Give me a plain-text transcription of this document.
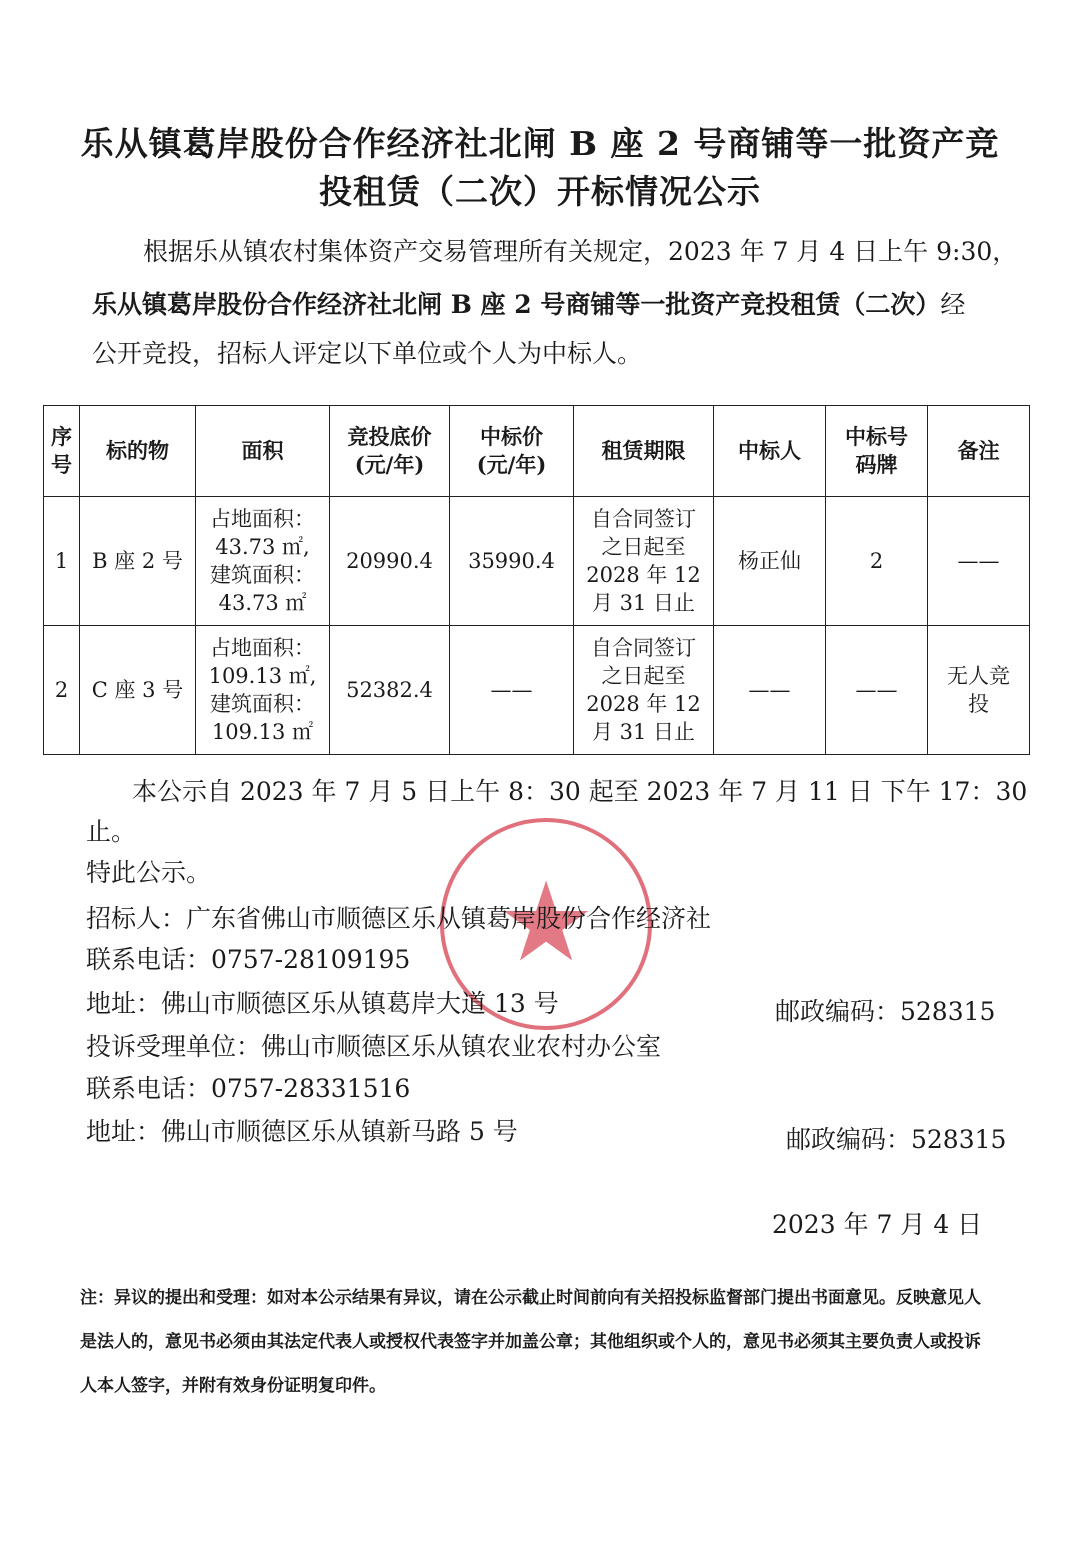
乐从镇葛岸股份合作经济社北闸 B 座 2 号商铺等一批资产竞
投租赁（二次）开标情况公示
根据乐从镇农村集体资产交易管理所有关规定，2023 年 7 月 4 日上午 9:30，
乐从镇葛岸股份合作经济社北闸 B 座 2 号商铺等一批资产竞投租赁（二次）经
公开竞投，招标人评定以下单位或个人为中标人。
序
号	标的物	面积	竞投底价
(元/年)	中标价
(元/年)	租赁期限	中标人	中标号
码牌	备注
1	B 座 2 号	占地面积：
43.73 ㎡,
建筑面积：
43.73 ㎡	20990.4	35990.4	自合同签订
之日起至
2028 年 12
月 31 日止	杨正仙	2	——
2	C 座 3 号	占地面积：
109.13 ㎡,
建筑面积：
109.13 ㎡	52382.4	——	自合同签订
之日起至
2028 年 12
月 31 日止	——	——	无人竞
投
★
本公示自 2023 年 7 月 5 日上午 8：30 起至 2023 年 7 月 11 日 下午 17：30
止。
特此公示。
招标人：广东省佛山市顺德区乐从镇葛岸股份合作经济社
联系电话：0757-28109195
地址：佛山市顺德区乐从镇葛岸大道 13 号	邮政编码：528315
投诉受理单位：佛山市顺德区乐从镇农业农村办公室
联系电话：0757-28331516
地址：佛山市顺德区乐从镇新马路 5 号	邮政编码：528315
2023 年 7 月 4 日
注：异议的提出和受理：如对本公示结果有异议，请在公示截止时间前向有关招投标监督部门提出书面意见。反映意见人
是法人的，意见书必须由其法定代表人或授权代表签字并加盖公章；其他组织或个人的，意见书必须其主要负责人或投诉
人本人签字，并附有效身份证明复印件。
